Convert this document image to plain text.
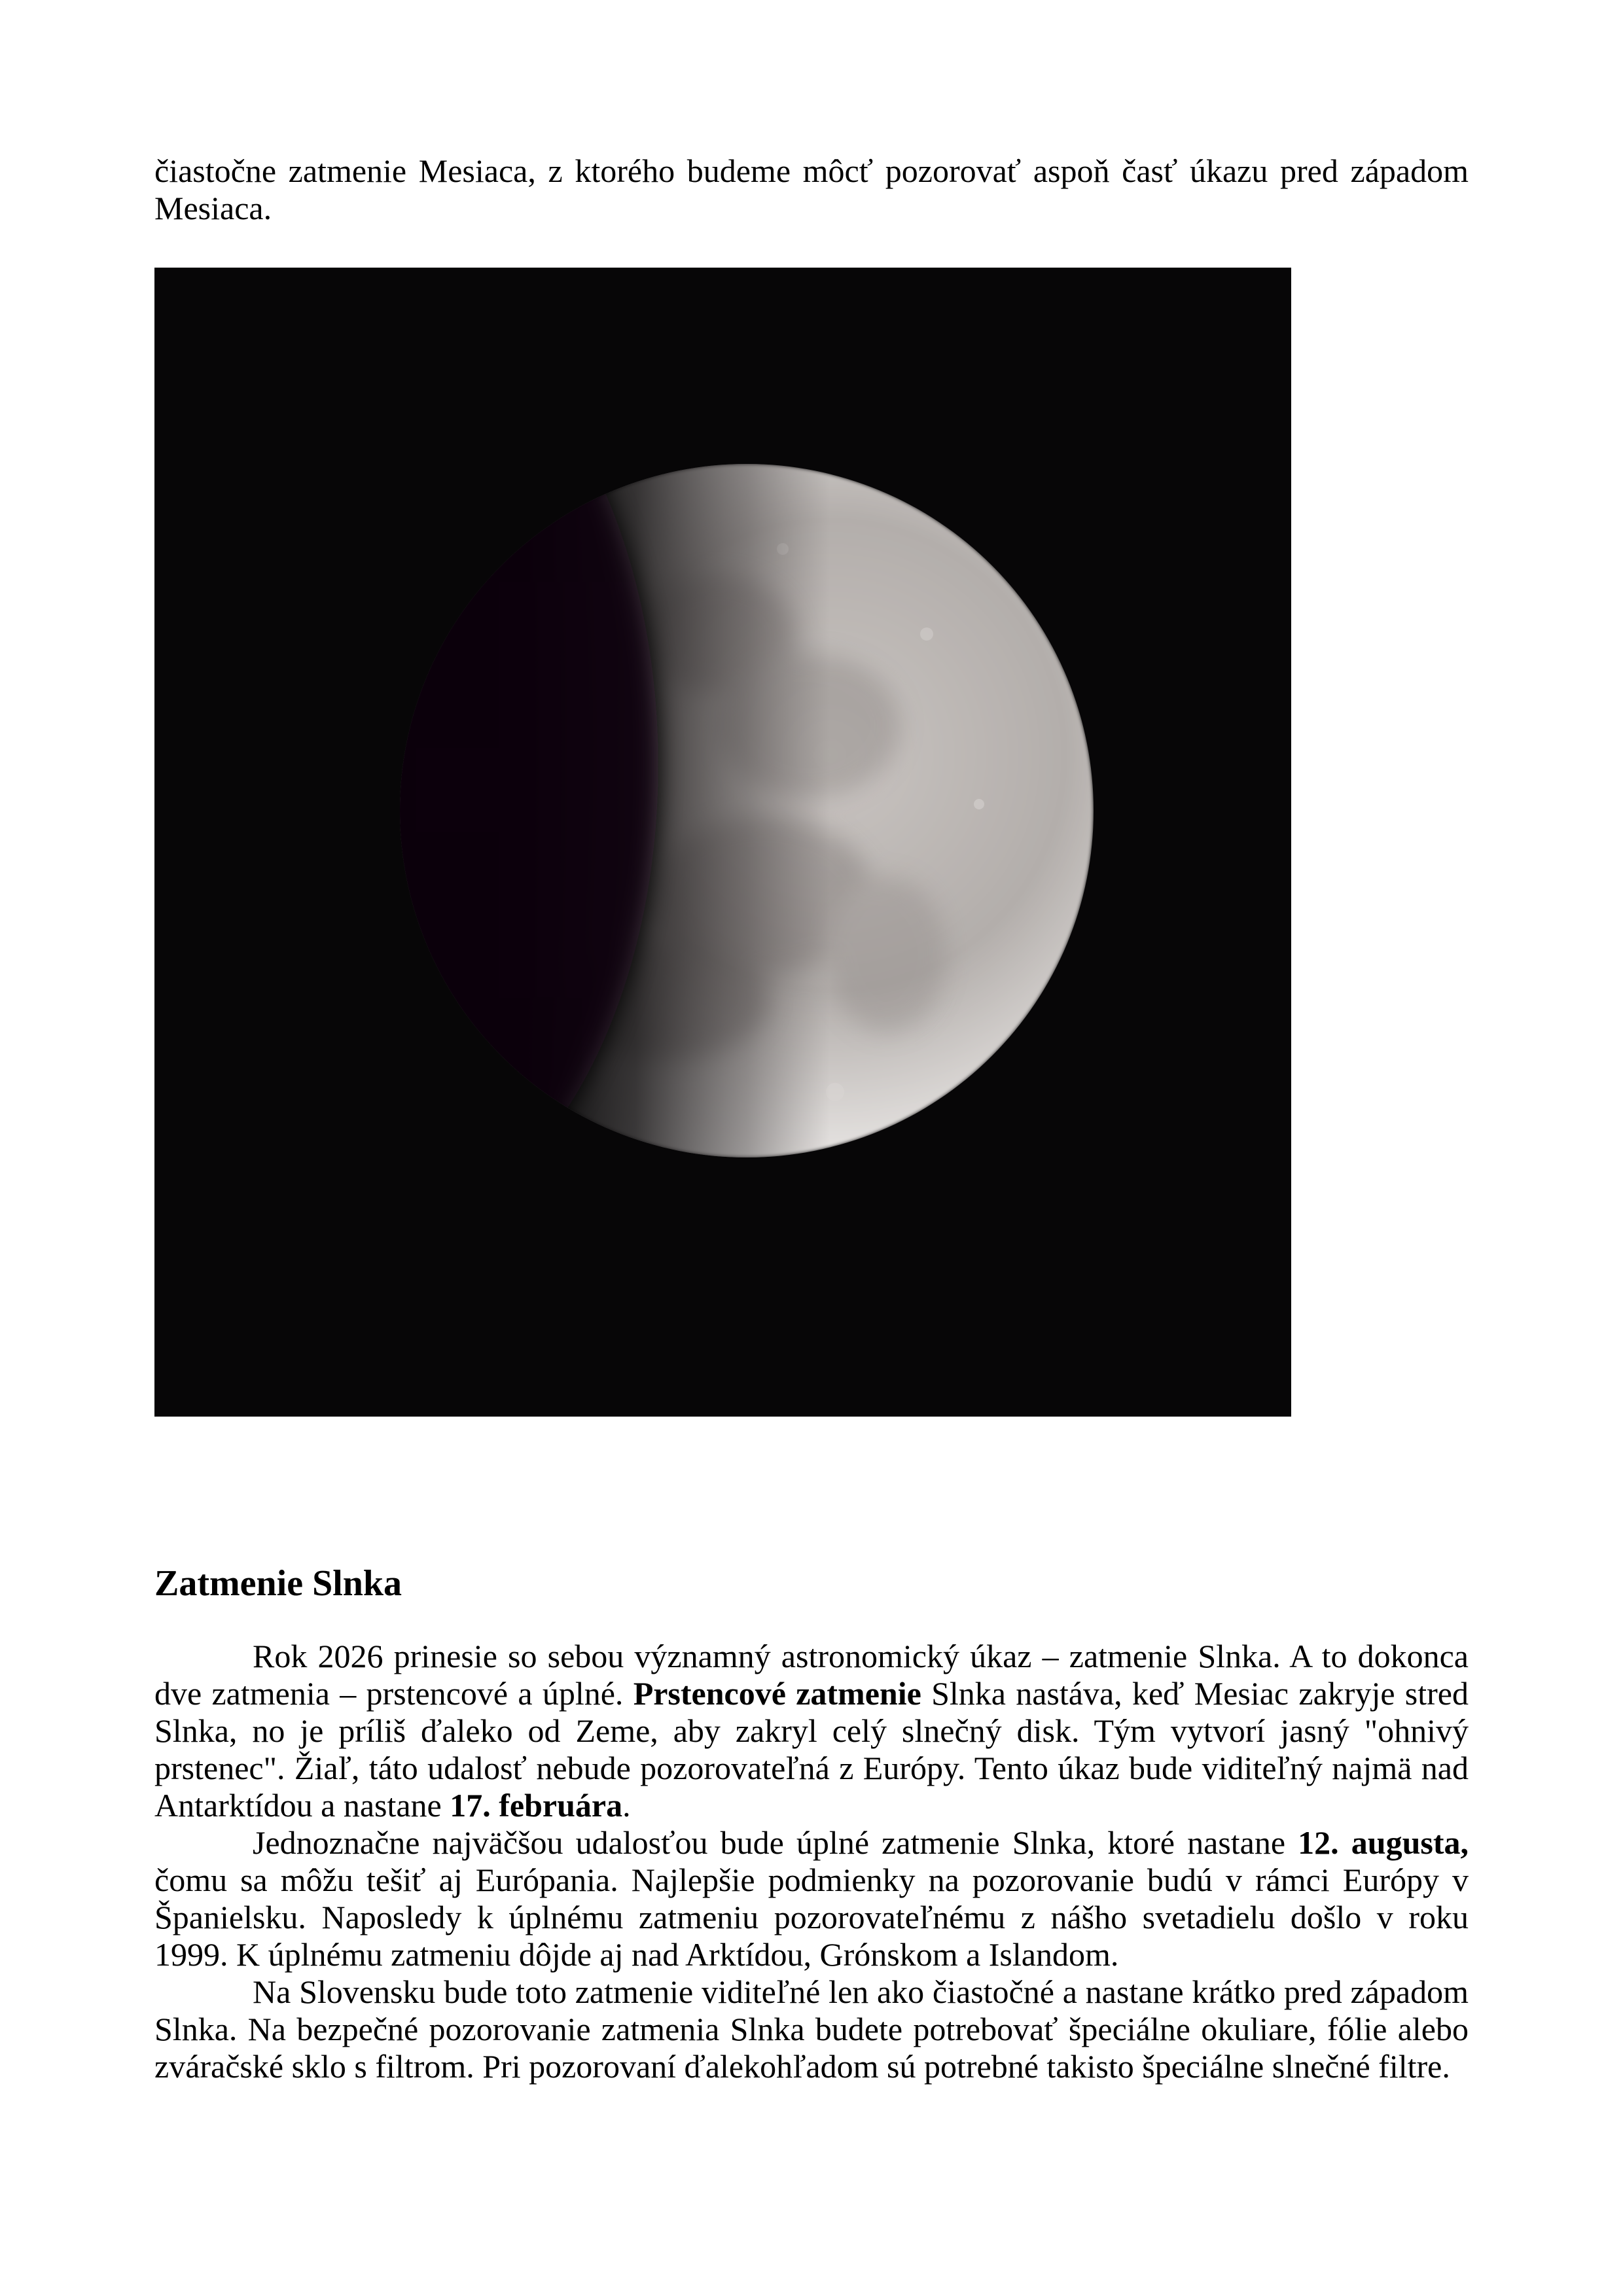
čiastočne zatmenie Mesiaca, z ktorého budeme môcť pozorovať aspoň časť úkazu pred západom Mesiaca.
Zatmenie Slnka

Rok 2026 prinesie so sebou významný astronomický úkaz – zatmenie Slnka. A to dokonca dve zatmenia – prstencové a úplné. Prstencové zatmenie Slnka nastáva, keď Mesiac zakryje stred Slnka, no je príliš ďaleko od Zeme, aby zakryl celý slnečný disk. Tým vytvorí jasný "ohnivý prstenec". Žiaľ, táto udalosť nebude pozorovateľná z Európy. Tento úkaz bude viditeľný najmä nad Antarktídou a nastane 17. februára.

Jednoznačne najväčšou udalosťou bude úplné zatmenie Slnka, ktoré nastane 12. augusta, čomu sa môžu tešiť aj Európania. Najlepšie podmienky na pozorovanie budú v rámci Európy v Španielsku. Naposledy k úplnému zatmeniu pozorovateľnému z nášho svetadielu došlo v roku 1999. K úplnému zatmeniu dôjde aj nad Arktídou, Grónskom a Islandom.

Na Slovensku bude toto zatmenie viditeľné len ako čiastočné a nastane krátko pred západom Slnka. Na bezpečné pozorovanie zatmenia Slnka budete potrebovať špeciálne okuliare, fólie alebo zváračské sklo s filtrom. Pri pozorovaní ďalekohľadom sú potrebné takisto špeciálne slnečné filtre.
